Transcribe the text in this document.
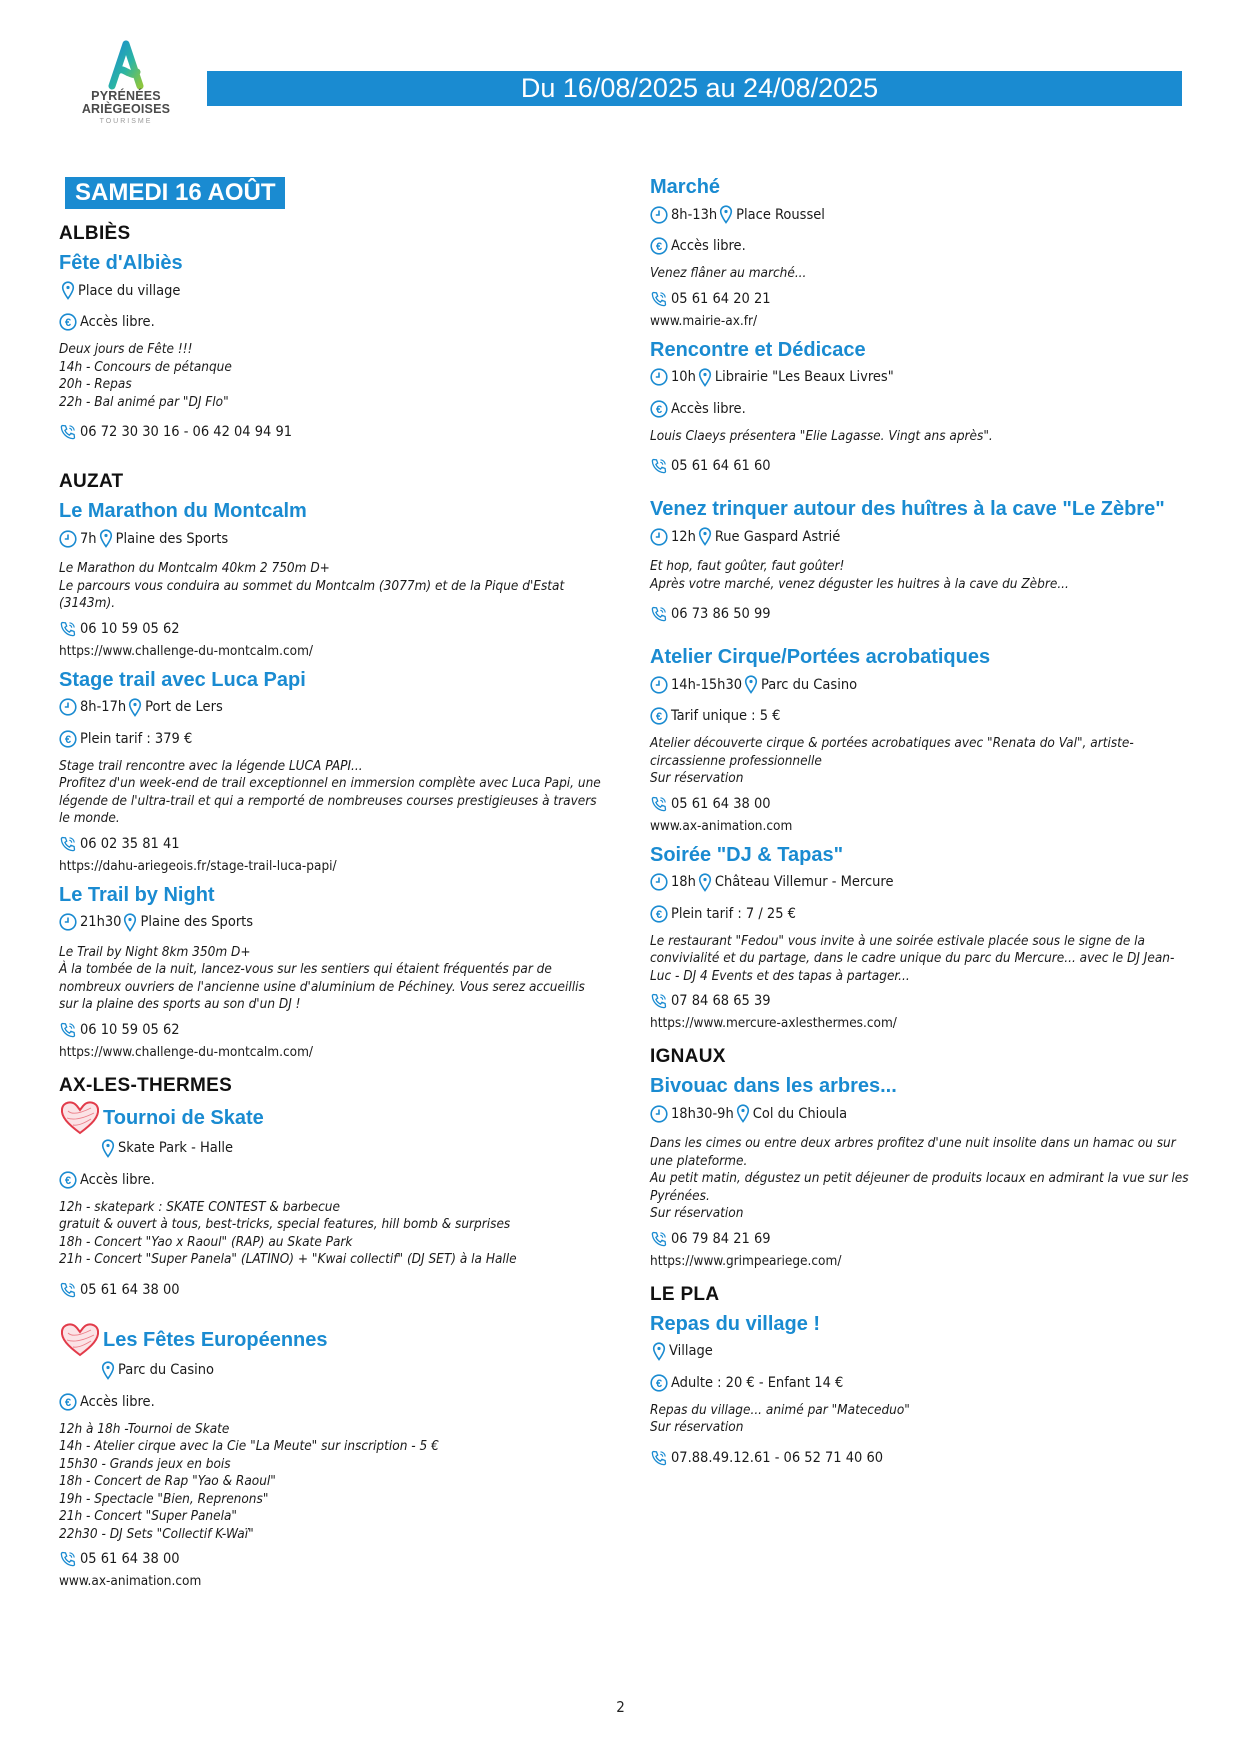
PYRÉNÉES
ARIÈGEOISES
TOURISME
Du 16/08/2025 au 24/08/2025
SAMEDI 16 AOÛT
ALBIÈS
Fête d'Albiès
Place du village
€ Accès libre.
Deux jours de Fête !!!
14h - Concours de pétanque
20h - Repas
22h - Bal animé par "DJ Flo"
06 72 30 30 16 - 06 42 04 94 91
AUZAT
Le Marathon du Montcalm
7h Plaine des Sports
Le Marathon du Montcalm 40km 2 750m D+
Le parcours vous conduira au sommet du Montcalm (3077m) et de la Pique d'Estat (3143m).
06 10 59 05 62
https://www.challenge-du-montcalm.com/
Stage trail avec Luca Papi
8h-17h Port de Lers
€ Plein tarif : 379 €
Stage trail rencontre avec la légende LUCA PAPI...
Profitez d'un week-end de trail exceptionnel en immersion complète avec Luca Papi, une légende de l'ultra-trail et qui a remporté de nombreuses courses prestigieuses à travers le monde.
06 02 35 81 41
https://dahu-ariegeois.fr/stage-trail-luca-papi/
Le Trail by Night
21h30 Plaine des Sports
Le Trail by Night 8km 350m D+
À la tombée de la nuit, lancez-vous sur les sentiers qui étaient fréquentés par de nombreux ouvriers de l'ancienne usine d'aluminium de Péchiney. Vous serez accueillis sur la plaine des sports au son d'un DJ !
06 10 59 05 62
https://www.challenge-du-montcalm.com/
AX-LES-THERMES
Tournoi de Skate
Skate Park - Halle
€ Accès libre.
12h - skatepark : SKATE CONTEST & barbecue
gratuit & ouvert à tous, best-tricks, special features, hill bomb & surprises
18h - Concert "Yao x Raoul" (RAP) au Skate Park
21h - Concert "Super Panela" (LATINO) + "Kwai collectif" (DJ SET) à la Halle
05 61 64 38 00
Les Fêtes Européennes
Parc du Casino
€ Accès libre.
12h à 18h -Tournoi de Skate
14h - Atelier cirque avec la Cie "La Meute" sur inscription - 5 €
15h30 - Grands jeux en bois
18h - Concert de Rap "Yao & Raoul"
19h - Spectacle "Bien, Reprenons"
21h - Concert "Super Panela"
22h30 - DJ Sets "Collectif K-Waï"
05 61 64 38 00
www.ax-animation.com
Marché
8h-13h Place Roussel
€ Accès libre.
Venez flâner au marché...
05 61 64 20 21
www.mairie-ax.fr/
Rencontre et Dédicace
10h Librairie "Les Beaux Livres"
€ Accès libre.
Louis Claeys présentera "Elie Lagasse. Vingt ans après".
05 61 64 61 60
Venez trinquer autour des huîtres à la cave "Le Zèbre"
12h Rue Gaspard Astrié
Et hop, faut goûter, faut goûter!
Après votre marché, venez déguster les huitres à la cave du Zèbre...
06 73 86 50 99
Atelier Cirque/Portées acrobatiques
14h-15h30 Parc du Casino
€ Tarif unique : 5 €
Atelier découverte cirque & portées acrobatiques avec "Renata do Val", artiste-circassienne professionnelle
Sur réservation
05 61 64 38 00
www.ax-animation.com
Soirée "DJ & Tapas"
18h Château Villemur - Mercure
€ Plein tarif : 7 / 25 €
Le restaurant "Fedou" vous invite à une soirée estivale placée sous le signe de la convivialité et du partage, dans le cadre unique du parc du Mercure... avec le DJ Jean-Luc - DJ 4 Events et des tapas à partager...
07 84 68 65 39
https://www.mercure-axlesthermes.com/
IGNAUX
Bivouac dans les arbres...
18h30-9h Col du Chioula
Dans les cimes ou entre deux arbres profitez d'une nuit insolite dans un hamac ou sur une plateforme.
Au petit matin, dégustez un petit déjeuner de produits locaux en admirant la vue sur les Pyrénées.
Sur réservation
06 79 84 21 69
https://www.grimpeariege.com/
LE PLA
Repas du village !
Village
€ Adulte : 20 € - Enfant 14 €
Repas du village... animé par "Mateceduo"
Sur réservation
07.88.49.12.61 - 06 52 71 40 60
2
